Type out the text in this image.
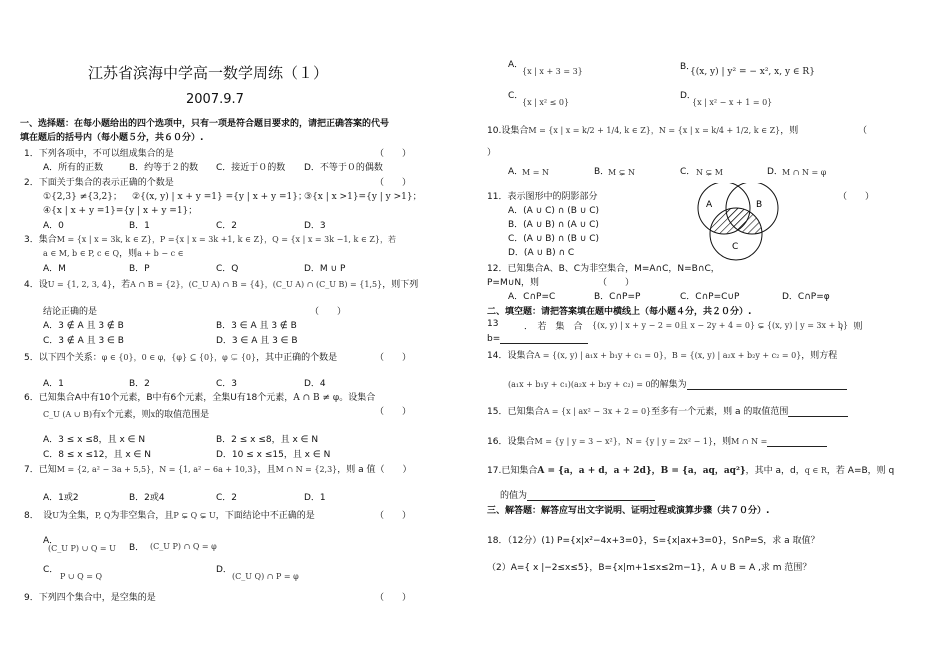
江苏省滨海中学高一数学周练（１）
2007.9.7
一、选择题：在每小题给出的四个选项中，只有一项是符合题目要求的，请把正确答案的代号
填在题后的括号内（每小题５分，共６０分）.
1．下列各项中，不可以组成集合的是	（　　）
A．所有的正数	B．约等于２的数 C．接近于０的数 D．不等于０的偶数
2．下面关于集合的表示正确的个数是	（　　）
①{2,3} ≠{3,2}； ②{(x, y) | x + y =1} ={y | x + y =1}；
③{x | x >1}={y | y >1}；
④{x | x + y =1}={y | x + y =1}；
A．0	B．1	C．2	D．3
3．集合M = {x | x = 3k, k ∈ Z}，P ={x | x = 3k +1, k ∈ Z}，Q = {x | x = 3k −1, k ∈ Z}，若
a ∈ M, b ∈ P, c ∈ Q，则a + b − c ∈
A．M	B．P	C．Q	D．M ∪ P
4．设U = {1, 2, 3, 4}，若A ∩ B = {2}，(C_U A) ∩ B = {4}，(C_U A) ∩ (C_U B) = {1,5}，则下列
结论正确的是	（　　）
A．3 ∉ A 且 3 ∉ B	B．3 ∈ A 且 3 ∉ B
C．3 ∉ A 且 3 ∈ B	D．3 ∈ A 且 3 ∈ B
5．以下四个关系：φ ∈ {0}，0 ∈ φ，{φ} ⊆ {0}，φ ⊊ {0}，其中正确的个数是	（　　）
A．1	B．2	C．3	D．4
6．已知集合A中有10个元素，B中有6个元素，全集U有18个元素，A ∩ B ≠ φ。设集合
C_U (A ∪ B)有x个元素，则x的取值范围是	（　　）
A．3 ≤ x ≤8，且 x ∈ N	B．2 ≤ x ≤8，且 x ∈ N
C．8 ≤ x ≤12，且 x ∈ N	D．10 ≤ x ≤15，且 x ∈ N
7．已知M = {2, a² − 3a + 5,5}，N = {1, a² − 6a + 10,3}，且M ∩ N = {2,3}，则 a 值（　　）
A．1或2	B．2或4	C．2	D．1
8．　设U为全集，P, Q为非空集合，且P ⊊ Q ⊊ U，下面结论中不正确的是	（　　）
A．
(C_U P) ∪ Q = U B． (C_U P) ∩ Q = φ
C．
P ∪ Q = Q
D．
(C_U Q) ∩ P = φ
9．下列四个集合中，是空集的是	（　　）
A．
{x | x + 3 = 3}	B．
{(x, y) | y² = − x², x, y ∈ R}
C．
{x | x² ≤ 0}
D．
{x | x² − x + 1 = 0}
10.设集合M = {x | x = k/2 + 1/4, k ∈ Z}，N = {x | x = k/4 + 1/2, k ∈ Z}，则	（
）
A．
M = N	B．
M ⊊ N	C． N ⊊ M	D． M ∩ N = φ
11．表示图形中的阴影部分	（　　）
A．(A ∪ C) ∩ (B ∪ C)
B．(A ∪ B) ∩ (A ∪ C)
C．(A ∪ B) ∩ (B ∪ C)
D．(A ∪ B) ∩ C
A	B
C
12．已知集合A、B、C为非空集合，M=A∩C，N=B∩C，
P=M∪N，则	（　　）
A．C∩P=C	B．C∩P=P	C．C∩P=C∪P	D．C∩P=φ
二、填空题：请把答案填在题中横线上（每小题４分，共２０分）.
13	．　若　集　合 {(x, y) | x + y − 2 = 0且 x − 2y + 4 = 0} ⊊ {(x, y) | y = 3x + b}
，　则
b=
14．设集合A = {(x, y) | a₁x + b₁y + c₁ = 0}，B = {(x, y) | a₂x + b₂y + c₂ = 0}，则方程
(a₁x + b₁y + c₁)(a₂x + b₂y + c₂) = 0的解集为
15．已知集合A = {x | ax² − 3x + 2 = 0}至多有一个元素，则 a 的取值范围
16．设集合M = {y | y = 3 − x²}，N = {y | y = 2x² − 1}，则M ∩ N =
17.已知集合A = {a，a + d，a + 2d}，B = {a，aq，aq²}，其中 a，d，q ∈ R，若 A=B，则 q
的值为
三、解答题：解答应写出文字说明、证明过程或演算步骤（共７０分）.
18．（12分）(1) P={x|x²−4x+3=0}，S={x|ax+3=0}，S∩P=S，求 a 取值？
（2）A={ x |−2≤x≤5}，B={x|m+1≤x≤2m−1}，A ∪ B = A ,求 m 范围？
